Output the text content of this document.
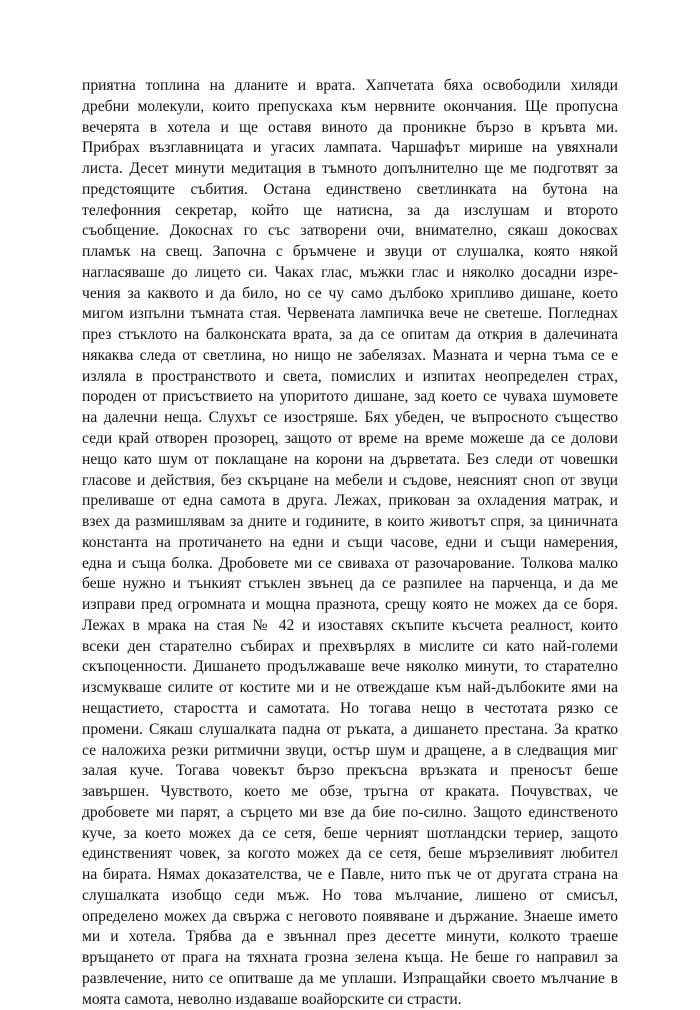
приятна топлина на дланите и врата. Хапчетата бяха освободили хиляди
дребни молекули, които препускаха към нервните окончания. Ще пропусна
вечерята в хотела и ще оставя виното да проникне бързо в кръвта ми.
Прибрах възглавницата и угасих лампата. Чаршафът мирише на увяхнали
листа. Десет минути медитация в тъмното допълнително ще ме подготвят за
предстоящите събития. Остана единствено светлинката на бутона на
телефонния секретар, който ще натисна, за да изслушам и второто
съобщение. Докоснах го със затворени очи, внимателно, сякаш докосвах
пламък на свещ. Започна с бръмчене и звуци от слушалка, която някой
нагласяваше до лицето си. Чаках глас, мъжки глас и няколко досадни изре-
чения за каквото и да било, но се чу само дълбоко хрипливо дишане, което
мигом изпълни тъмната стая. Червената лампичка вече не светеше. Погледнах
през стъклото на балконската врата, за да се опитам да открия в далечината
някаква следа от светлина, но нищо не забелязах. Мазната и черна тъма се е
изляла в пространството и света, помислих и изпитах неопределен страх,
породен от присъствието на упоритото дишане, зад което се чуваха шумовете
на далечни неща. Слухът се изостряше. Бях убеден, че въпросното същество
седи край отворен прозорец, защото от време на време можеше да се долови
нещо като шум от поклащане на корони на дърветата. Без следи от човешки
гласове и действия, без скърцане на мебели и съдове, неясният сноп от звуци
преливаше от една самота в друга. Лежах, прикован за охладения матрак, и
взех да размишлявам за дните и годините, в които животът спря, за циничната
константа на протичането на едни и същи часове, едни и същи намерения,
една и съща болка. Дробовете ми се свиваха от разочарование. Толкова малко
беше нужно и тънкият стъклен звънец да се разпилее на парченца, и да ме
изправи пред огромната и мощна празнота, срещу която не можех да се боря.
Лежах в мрака на стая № 42 и изоставях скъпите късчета реалност, които
всеки ден старателно събирах и прехвърлях в мислите си като най-големи
скъпоценности. Дишането продължаваше вече няколко минути, то старателно
изсмукваше силите от костите ми и не отвеждаше към най-дълбоките ями на
нещастието, старостта и самотата. Но тогава нещо в честотата рязко се
промени. Сякаш слушалката падна от ръката, а дишането престана. За кратко
се наложиха резки ритмични звуци, остър шум и дращене, а в следващия миг
залая куче. Тогава човекът бързо прекъсна връзката и преносът беше
завършен. Чувството, което ме обзе, тръгна от краката. Почувствах, че
дробовете ми парят, а сърцето ми взе да бие по-силно. Защото единственото
куче, за което можех да се сетя, беше черният шотландски териер, защото
единственият човек, за когото можех да се сетя, беше мързеливият любител
на бирата. Нямах доказателства, че е Павле, нито пък че от другата страна на
слушалката изобщо седи мъж. Но това мълчание, лишено от смисъл,
определено можех да свържа с неговото появяване и държание. Знаеше името
ми и хотела. Трябва да е звъннал през десетте минути, колкото траеше
връщането от прага на тяхната грозна зелена къща. Не беше го направил за
развлечение, нито се опитваше да ме уплаши. Изпращайки своето мълчание в
моята самота, неволно издаваше воайорските си страсти.
